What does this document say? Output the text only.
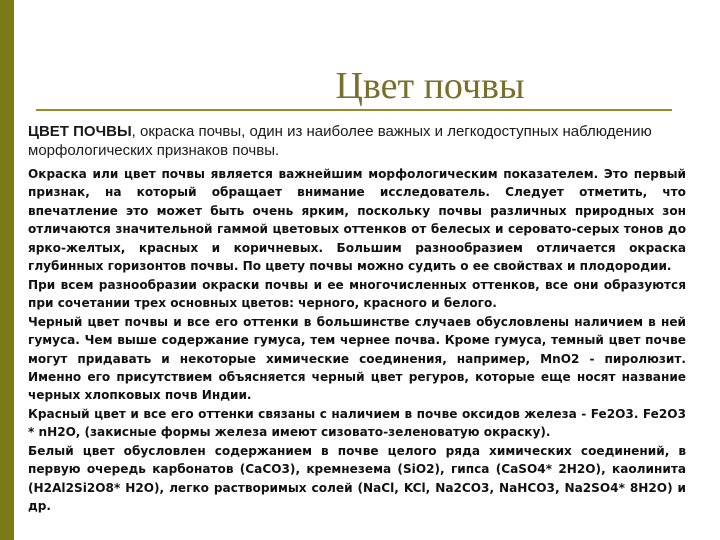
Цвет почвы
ЦВЕТ ПОЧВЫ, окраска почвы, один из наиболее важных и легкодоступных наблюдению морфологических признаков почвы.

Окраска или цвет почвы является важнейшим морфологическим показателем. Это первый признак, на который обращает внимание исследователь. Следует отметить, что впечатление это может быть очень ярким, поскольку почвы различных природных зон отличаются значительной гаммой цветовых оттенков от белесых и серовато-серых тонов до ярко-желтых, красных и коричневых. Большим разнообразием отличается окраска глубинных горизонтов почвы. По цвету почвы можно судить о ее свойствах и плодородии.

При всем разнообразии окраски почвы и ее многочисленных оттенков, все они образуются при сочетании трех основных цветов: черного, красного и белого.

Черный цвет почвы и все его оттенки в большинстве случаев обусловлены наличием в ней гумуса. Чем выше содержание гумуса, тем чернее почва. Кроме гумуса, темный цвет почве могут придавать и некоторые химические соединения, например, MnO2 - пиролюзит. Именно его присутствием объясняется черный цвет регуров, которые еще носят название черных хлопковых почв Индии.

Красный цвет и все его оттенки связаны с наличием в почве оксидов железа - Fe2O3. Fe2O3 * nH2O, (закисные формы железа имеют сизовато-зеленоватую окраску).

Белый цвет обусловлен содержанием в почве целого ряда химических соединений, в первую очередь карбонатов (CaCO3), кремнезема (SiO2), гипса (CaSO4* 2H2O), каолинита (H2Al2Si2O8* H2O), легко растворимых солей (NaCl, KCl, Na2CO3, NaHCO3, Na2SO4* 8H2O) и др.
